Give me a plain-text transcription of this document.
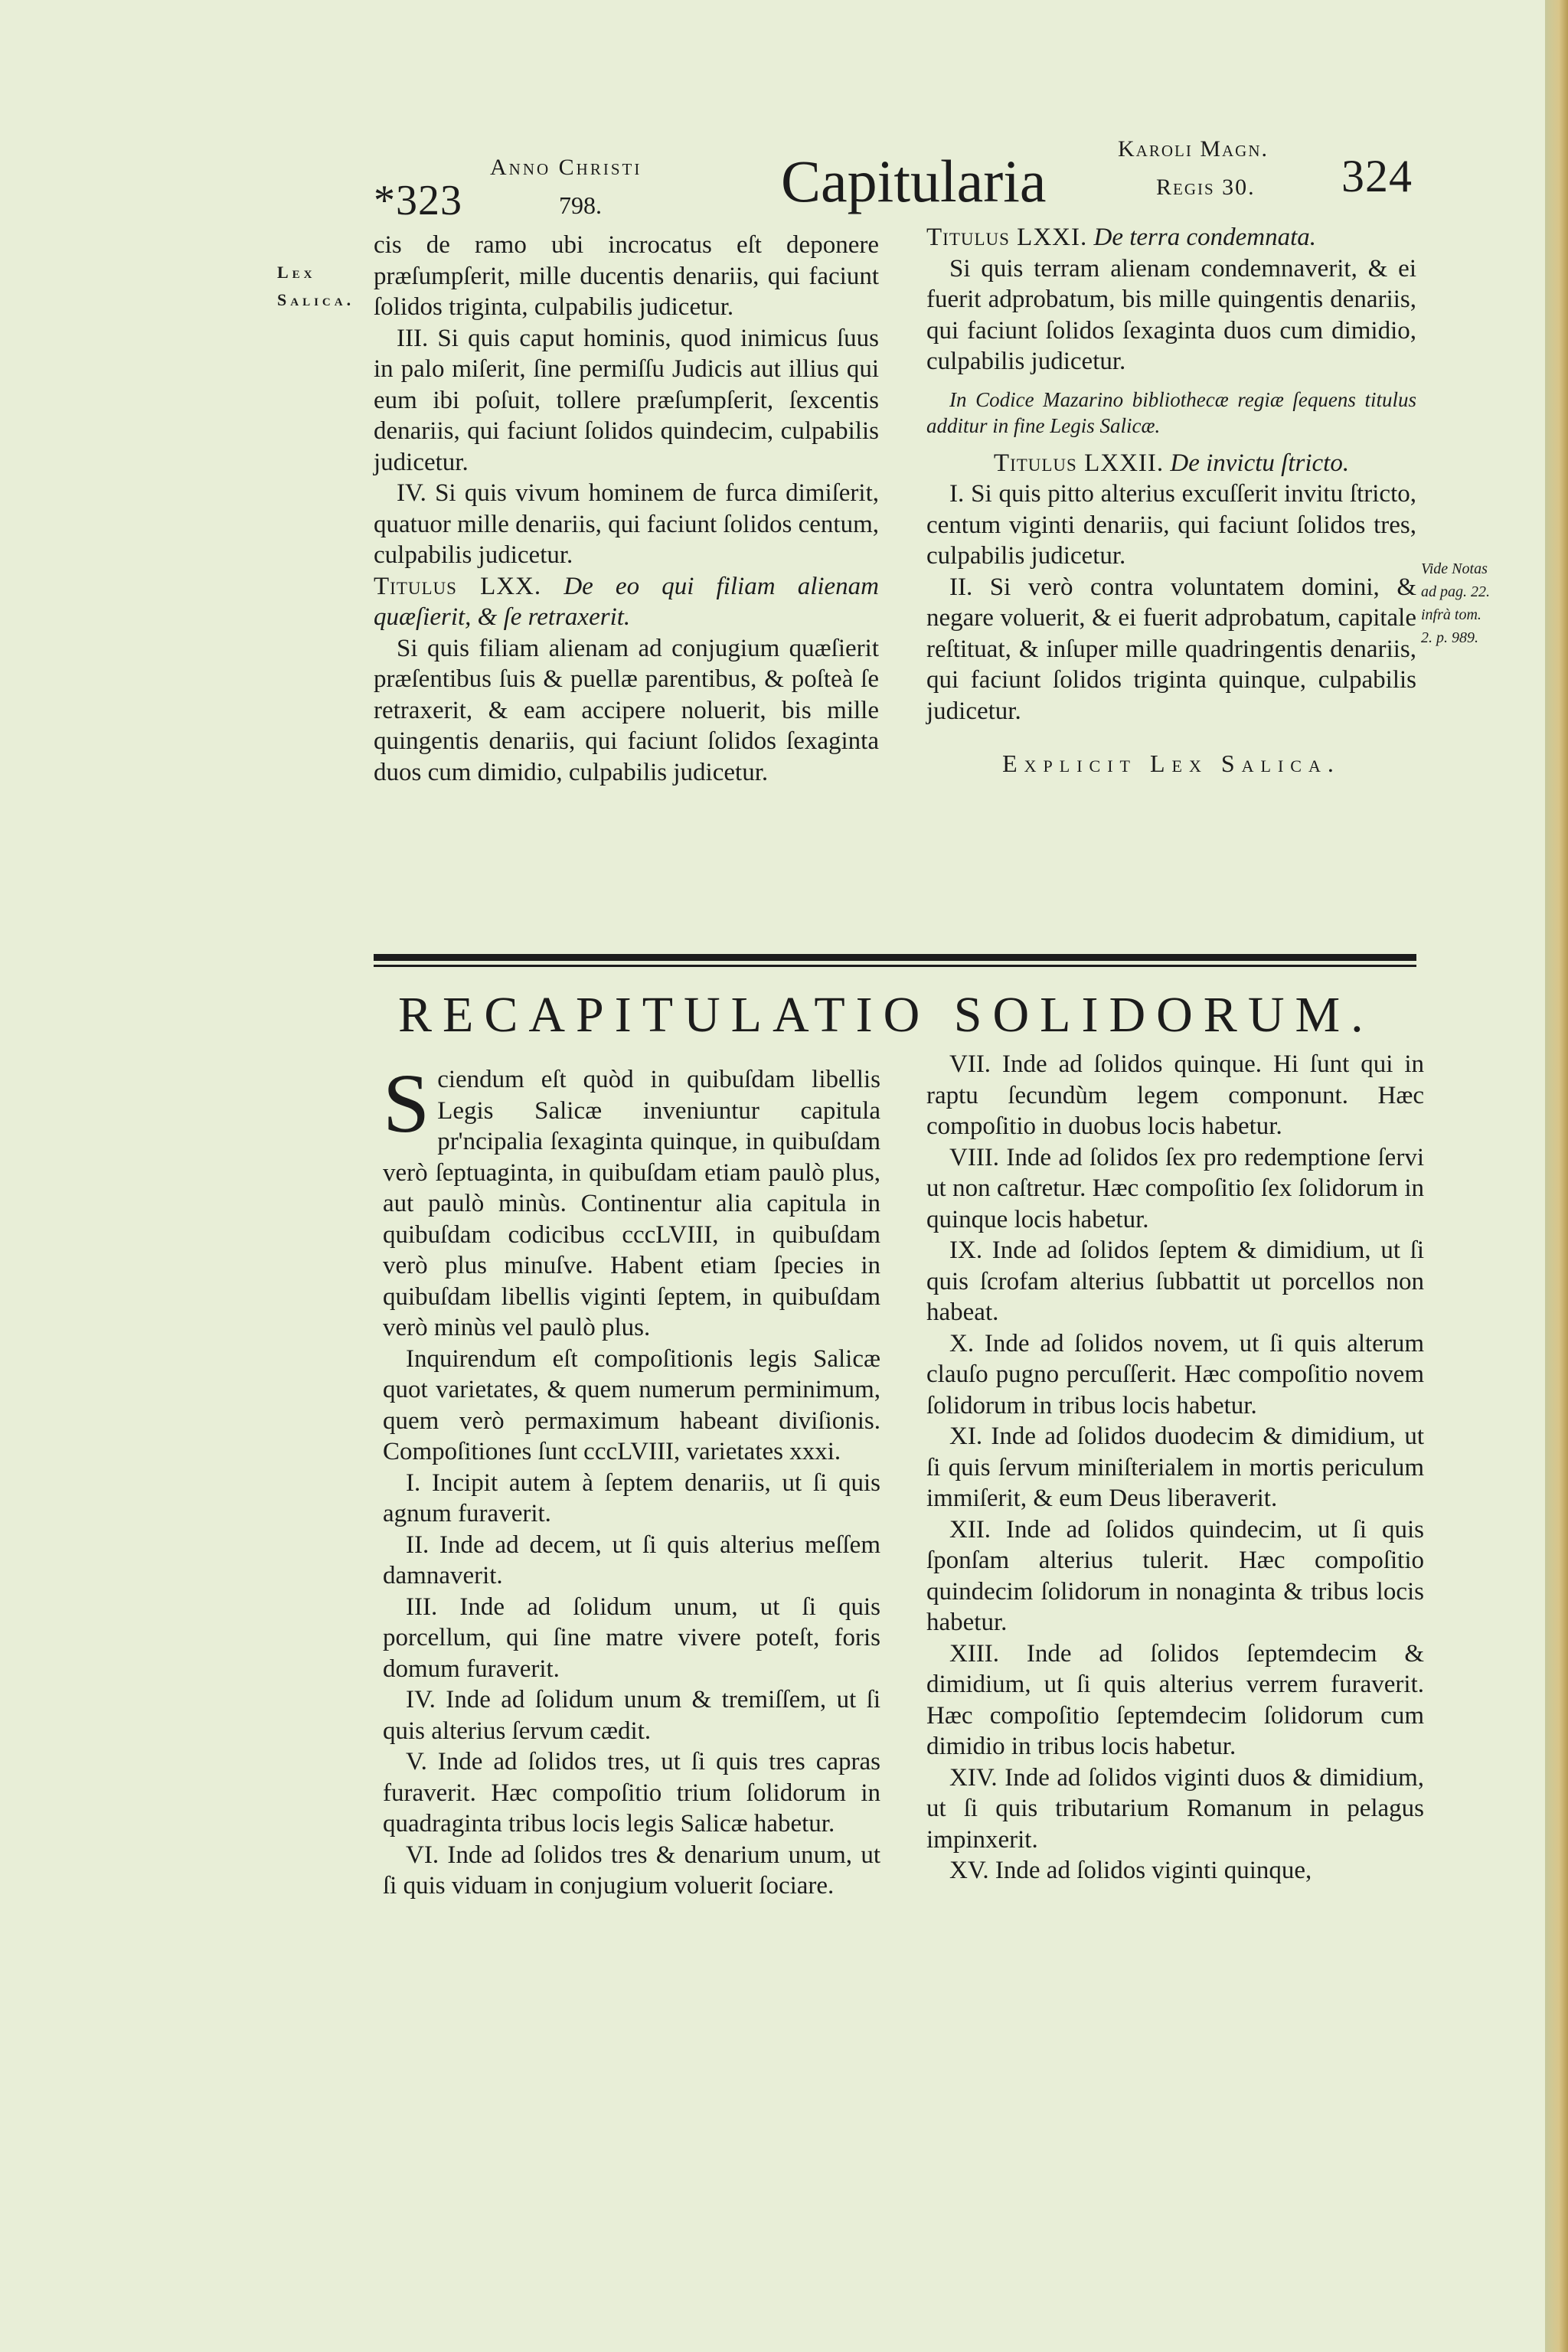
*323
Anno Christi
798.	Capitularia	Karoli Magn.
Regis 30. 324
Lex
Salica.
Vide Notas
ad pag. 22.
infrà tom.
2. p. 989.

cis de ramo ubi incrocatus eſt deponere præſumpſerit, mille ducentis denariis, qui faciunt ſolidos triginta, culpabilis judicetur.

III. Si quis caput hominis, quod inimicus ſuus in palo miſerit, ſine permiſſu Judicis aut illius qui eum ibi poſuit, tollere præſumpſerit, ſexcentis denariis, qui faciunt ſolidos quindecim, culpabilis judicetur.

IV. Si quis vivum hominem de furca dimiſerit, quatuor mille denariis, qui faciunt ſolidos centum, culpabilis judicetur.

Titulus LXX. De eo qui filiam alienam quæſierit, & ſe retraxerit.

Si quis filiam alienam ad conjugium quæſierit præſentibus ſuis & puellæ parentibus, & poſteà ſe retraxerit, & eam accipere noluerit, bis mille quingentis denariis, qui faciunt ſolidos ſexaginta duos cum dimidio, culpabilis judicetur.

Titulus LXXI. De terra condemnata.

Si quis terram alienam condemnaverit, & ei fuerit adprobatum, bis mille quingentis denariis, qui faciunt ſolidos ſexaginta duos cum dimidio, culpabilis judicetur.

In Codice Mazarino bibliothecæ regiæ ſequens titulus additur in fine Legis Salicæ.

Titulus LXXII. De invictu ſtricto.

I. Si quis pitto alterius excuſſerit invitu ſtricto, centum viginti denariis, qui faciunt ſolidos tres, culpabilis judicetur.

II. Si verò contra voluntatem domini, & negare voluerit, & ei fuerit adprobatum, capitale reſtituat, & inſuper mille quadringentis denariis, qui faciunt ſolidos triginta quinque, culpabilis judicetur.

Explicit Lex Salica.

RECAPITULATIO SOLIDORUM.

Sciendum eſt quòd in quibuſdam libellis Legis Salicæ inveniuntur capitula pr'ncipalia ſexaginta quinque, in quibuſdam verò ſeptuaginta, in quibuſdam etiam paulò plus, aut paulò minùs. Continentur alia capitula in quibuſdam codicibus cccLVIII, in quibuſdam verò plus minuſve. Habent etiam ſpecies in quibuſdam libellis viginti ſeptem, in quibuſdam verò minùs vel paulò plus.

Inquirendum eſt compoſitionis legis Salicæ quot varietates, & quem numerum perminimum, quem verò permaximum habeant diviſionis. Compoſitiones ſunt cccLVIII, varietates xxxi.

I. Incipit autem à ſeptem denariis, ut ſi quis agnum furaverit.

II. Inde ad decem, ut ſi quis alterius meſſem damnaverit.

III. Inde ad ſolidum unum, ut ſi quis porcellum, qui ſine matre vivere poteſt, foris domum furaverit.

IV. Inde ad ſolidum unum & tremiſſem, ut ſi quis alterius ſervum cædit.

V. Inde ad ſolidos tres, ut ſi quis tres capras furaverit. Hæc compoſitio trium ſolidorum in quadraginta tribus locis legis Salicæ habetur.

VI. Inde ad ſolidos tres & denarium unum, ut ſi quis viduam in conjugium voluerit ſociare.

VII. Inde ad ſolidos quinque. Hi ſunt qui in raptu ſecundùm legem componunt. Hæc compoſitio in duobus locis habetur.

VIII. Inde ad ſolidos ſex pro redemptione ſervi ut non caſtretur. Hæc compoſitio ſex ſolidorum in quinque locis habetur.

IX. Inde ad ſolidos ſeptem & dimidium, ut ſi quis ſcrofam alterius ſubbattit ut porcellos non habeat.

X. Inde ad ſolidos novem, ut ſi quis alterum clauſo pugno percuſſerit. Hæc compoſitio novem ſolidorum in tribus locis habetur.

XI. Inde ad ſolidos duodecim & dimidium, ut ſi quis ſervum miniſterialem in mortis periculum immiſerit, & eum Deus liberaverit.

XII. Inde ad ſolidos quindecim, ut ſi quis ſponſam alterius tulerit. Hæc compoſitio quindecim ſolidorum in nonaginta & tribus locis habetur.

XIII. Inde ad ſolidos ſeptemdecim & dimidium, ut ſi quis alterius verrem furaverit. Hæc compoſitio ſeptemdecim ſolidorum cum dimidio in tribus locis habetur.

XIV. Inde ad ſolidos viginti duos & dimidium, ut ſi quis tributarium Romanum in pelagus impinxerit.

XV. Inde ad ſolidos viginti quinque,
